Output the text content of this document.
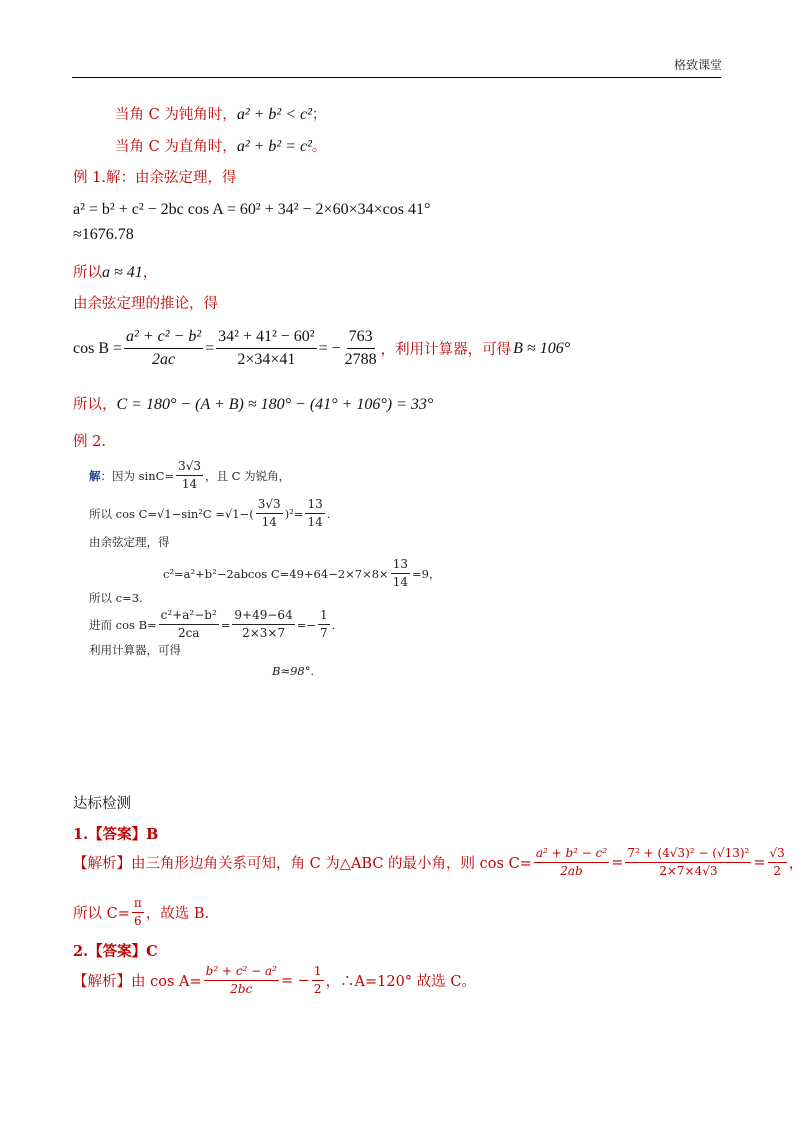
格致课堂
当角 C 为钝角时，a² + b² < c²；
当角 C 为直角时，a² + b² = c²。
例 1.解：由余弦定理，得
a² = b² + c² − 2bc cos A = 60² + 34² − 2×60×34×cos 41°
≈1676.78
所以a ≈ 41，
由余弦定理的推论，得
$\cos B = \frac{\text{a² + c² − b²}}{2ac} = \frac{\text{34² + 41² − 60²}}{2\times 34\times 41}$ = − $\frac{763}{2788}$ ，利用计算器，可得 B ≈ 106°
所以，C = 180° − (A + B) ≈ 180° − (41° + 106°) = 33°
例 2.
解 ：因为 $\sin C= \frac{3√3}{14}$ ，且 C 为锐角，
所以 $\cos C=√1-\sin^2C = √1-( \frac{3√3}{14} )^2 = \frac{13}{14}$ .
由余弦定理，得
c²=a²+b²−2abcos $C=49+64-2\times 7\times 8\times \frac{13}{14} =9$，
所以 c=3.
进而 $\cos B= \frac{\text{c²+a²−b²}}{2ca} = \frac{9+49-64}{2\times 3\times 7} =- \frac{1}{7}$ .
利用计算器，可得
B≈98°.
达标检测
1.【答案】B
【解析】由三角形边角关系可知，角 C 为△ABC 的最小角，则 $\cos C= \frac{\text{a² + b² − c²}}{2ab} = \frac{\text{7² + (4√3)² − (√13)²}}{2\times 7\times 4√3} = \frac{√3}{2}$ ，
所以 $C= \frac{\pi}{6}$ ，故选 B.
2.【答案】C
【解析】由 $\cos A= \frac{\text{b² + c² − a²}}{2bc}$ = − $\frac{1}{2}$ ，∴A=120° 故选 C。
